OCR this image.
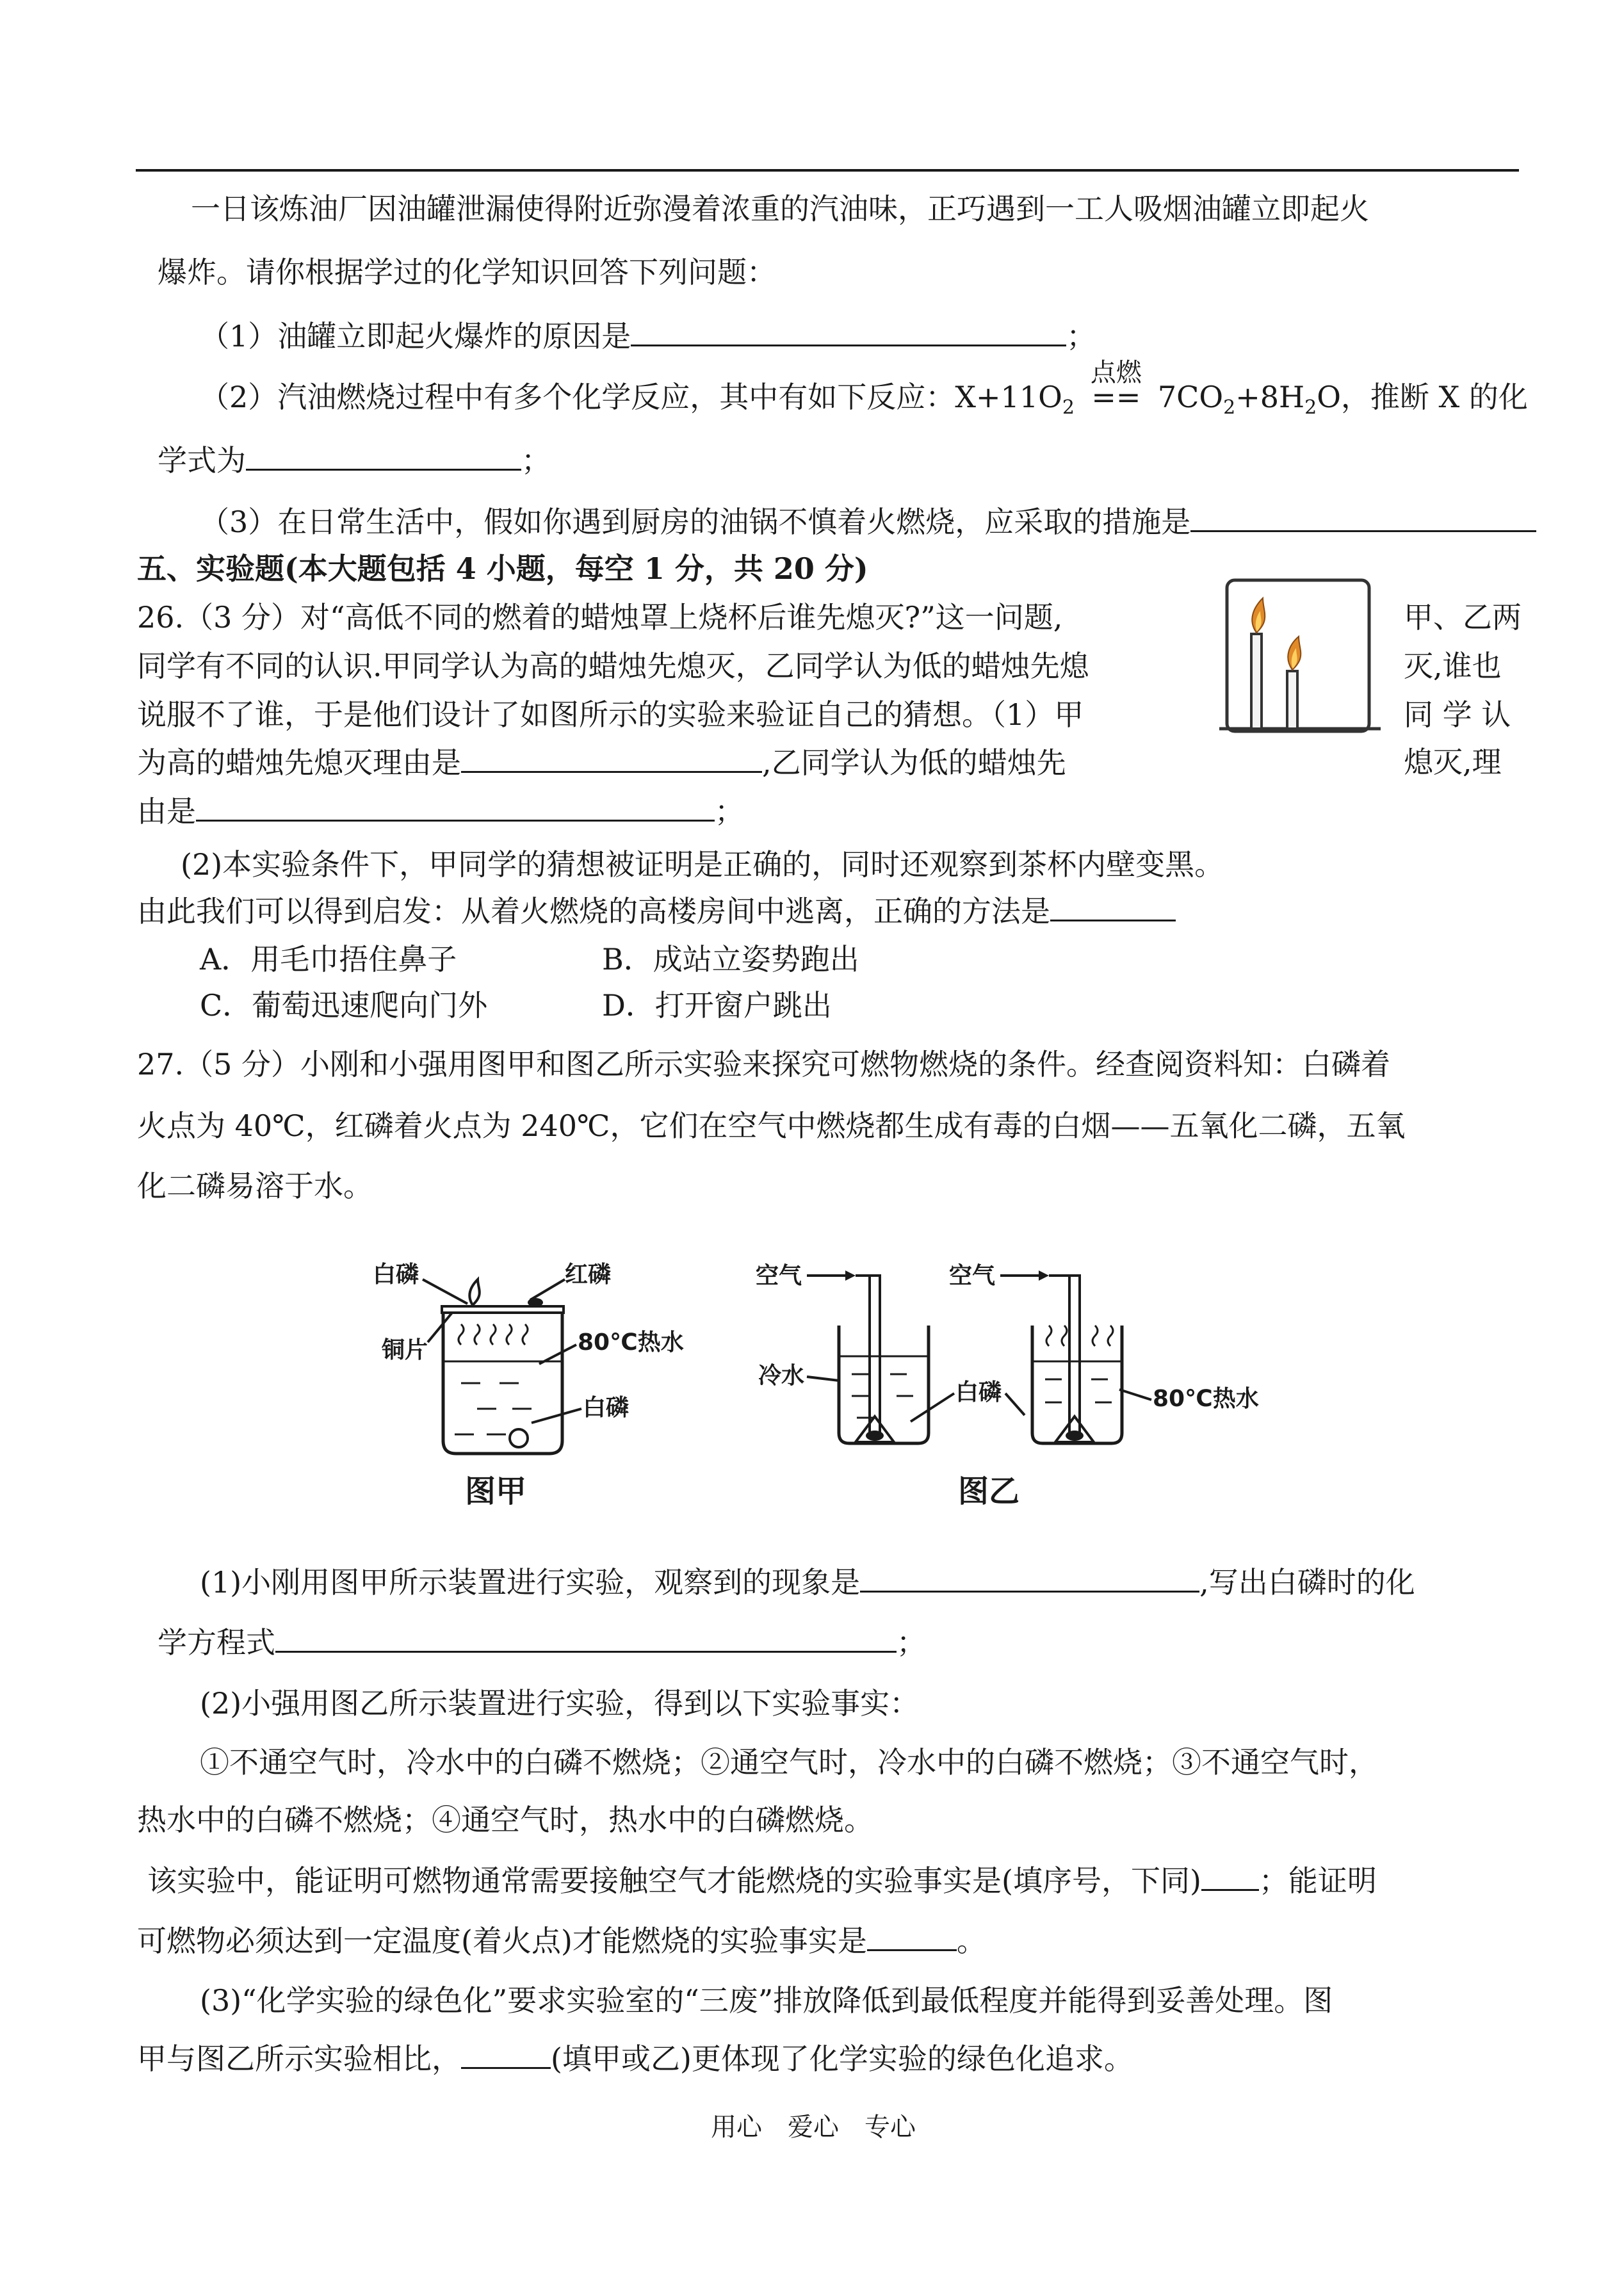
一日该炼油厂因油罐泄漏使得附近弥漫着浓重的汽油味，正巧遇到一工人吸烟油罐立即起火
爆炸。请你根据学过的化学知识回答下列问题：
（1）油罐立即起火爆炸的原因是	；
（2）汽油燃烧过程中有多个化学反应，其中有如下反应：$X+11O_2$
点燃
== $7CO_2+8H_2O$，推断 X 的化
学式为	；
（3）在日常生活中，假如你遇到厨房的油锅不慎着火燃烧，应采取的措施是
五、实验题(本大题包括 4 小题，每空 1 分，共 20 分)
26.（3 分）对“高低不同的燃着的蜡烛罩上烧杯后谁先熄灭?”这一问题,	甲、乙两
同学有不同的认识.甲同学认为高的蜡烛先熄灭，乙同学认为低的蜡烛先熄	灭,谁也
说服不了谁，于是他们设计了如图所示的实验来验证自己的猜想。（1）甲	同 学 认
为高的蜡烛先熄灭理由是	,乙同学认为低的蜡烛先	熄灭,理
由是	；
(2)本实验条件下，甲同学的猜想被证明是正确的，同时还观察到茶杯内壁变黑。
由此我们可以得到启发：从着火燃烧的高楼房间中逃离，正确的方法是
A．用毛巾捂住鼻子	B．成站立姿势跑出
C．葡萄迅速爬向门外	D．打开窗户跳出
27.（5 分）小刚和小强用图甲和图乙所示实验来探究可燃物燃烧的条件。经查阅资料知：白磷着
火点为 40℃，红磷着火点为 240℃，它们在空气中燃烧都生成有毒的白烟——五氧化二磷，五氧
化二磷易溶于水。
白磷	红磷
铜片	80℃热水
白磷
图甲
空气	空气
冷水
白磷	80℃热水
图乙
(1)小刚用图甲所示装置进行实验，观察到的现象是	,写出白磷时的化
学方程式	；
(2)小强用图乙所示装置进行实验，得到以下实验事实：
①不通空气时，冷水中的白磷不燃烧；②通空气时，冷水中的白磷不燃烧；③不通空气时，
热水中的白磷不燃烧；④通空气时，热水中的白磷燃烧。
该实验中，能证明可燃物通常需要接触空气才能燃烧的实验事实是(填序号，下同) ；能证明
可燃物必须达到一定温度(着火点)才能燃烧的实验事实是	。
(3)“化学实验的绿色化”要求实验室的“三废”排放降低到最低程度并能得到妥善处理。图
甲与图乙所示实验相比，	(填甲或乙)更体现了化学实验的绿色化追求。
用心　爱心　专心
